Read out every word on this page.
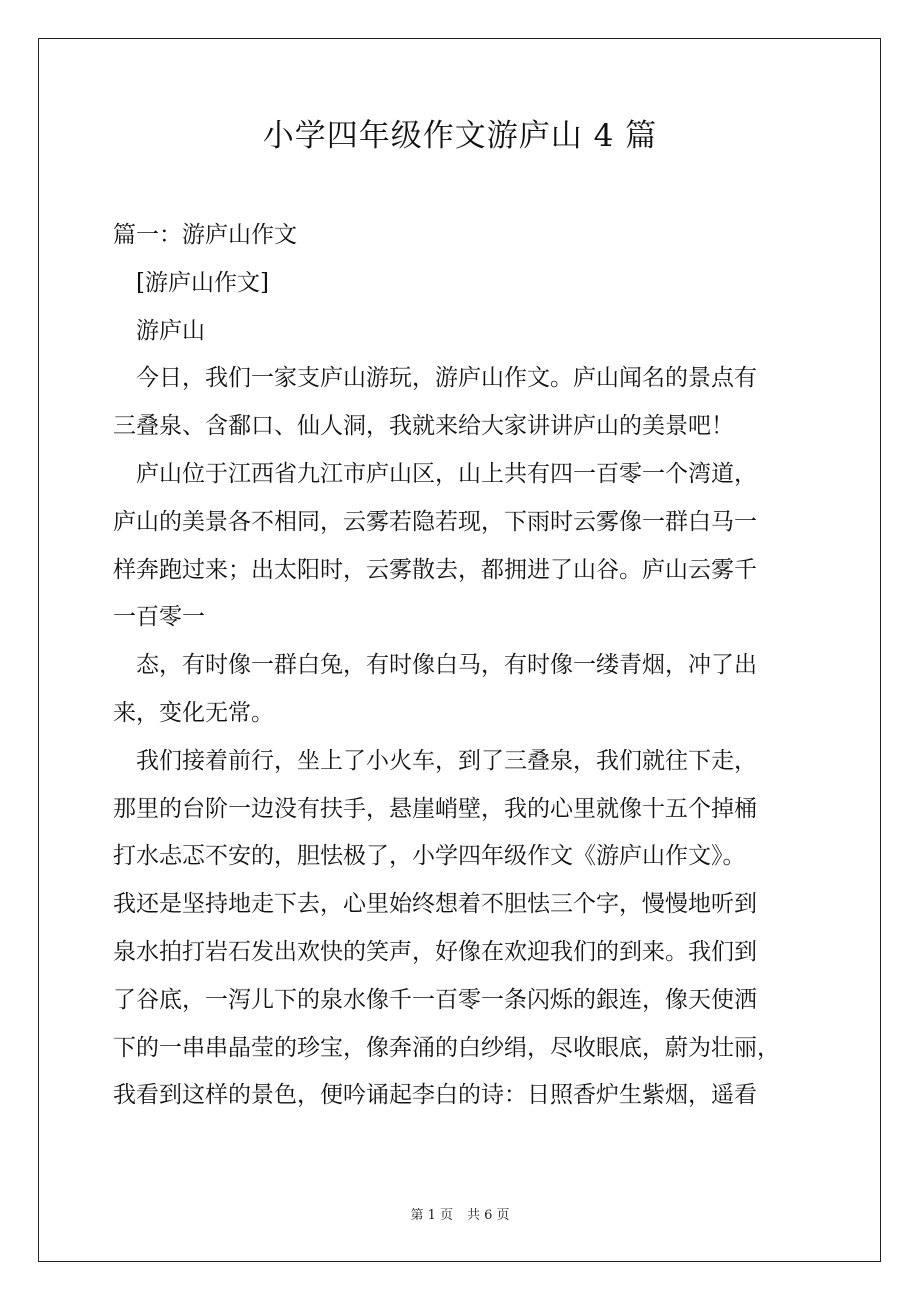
小学四年级作文游庐山 4 篇

篇一：游庐山作文

[游庐山作文]

游庐山

今日，我们一家支庐山游玩，游庐山作文。庐山闻名的景点有

三叠泉、含鄱口、仙人洞，我就来给大家讲讲庐山的美景吧！

庐山位于江西省九江市庐山区，山上共有四一百零一个湾道，

庐山的美景各不相同，云雾若隐若现，下雨时云雾像一群白马一

样奔跑过来；出太阳时，云雾散去，都拥进了山谷。庐山云雾千

一百零一

态，有时像一群白兔，有时像白马，有时像一缕青烟，冲了出

来，变化无常。

我们接着前行，坐上了小火车，到了三叠泉，我们就往下走，

那里的台阶一边没有扶手，悬崖峭壁，我的心里就像十五个掉桶

打水忐忑不安的，胆怯极了，小学四年级作文《游庐山作文》。

我还是坚持地走下去，心里始终想着不胆怯三个字，慢慢地听到

泉水拍打岩石发出欢快的笑声，好像在欢迎我们的到来。我们到

了谷底，一泻儿下的泉水像千一百零一条闪烁的銀连，像天使洒

下的一串串晶莹的珍宝，像奔涌的白纱绢，尽收眼底，蔚为壮丽，

我看到这样的景色，便吟诵起李白的诗：日照香炉生紫烟，遥看

第 1 页 共 6 页
